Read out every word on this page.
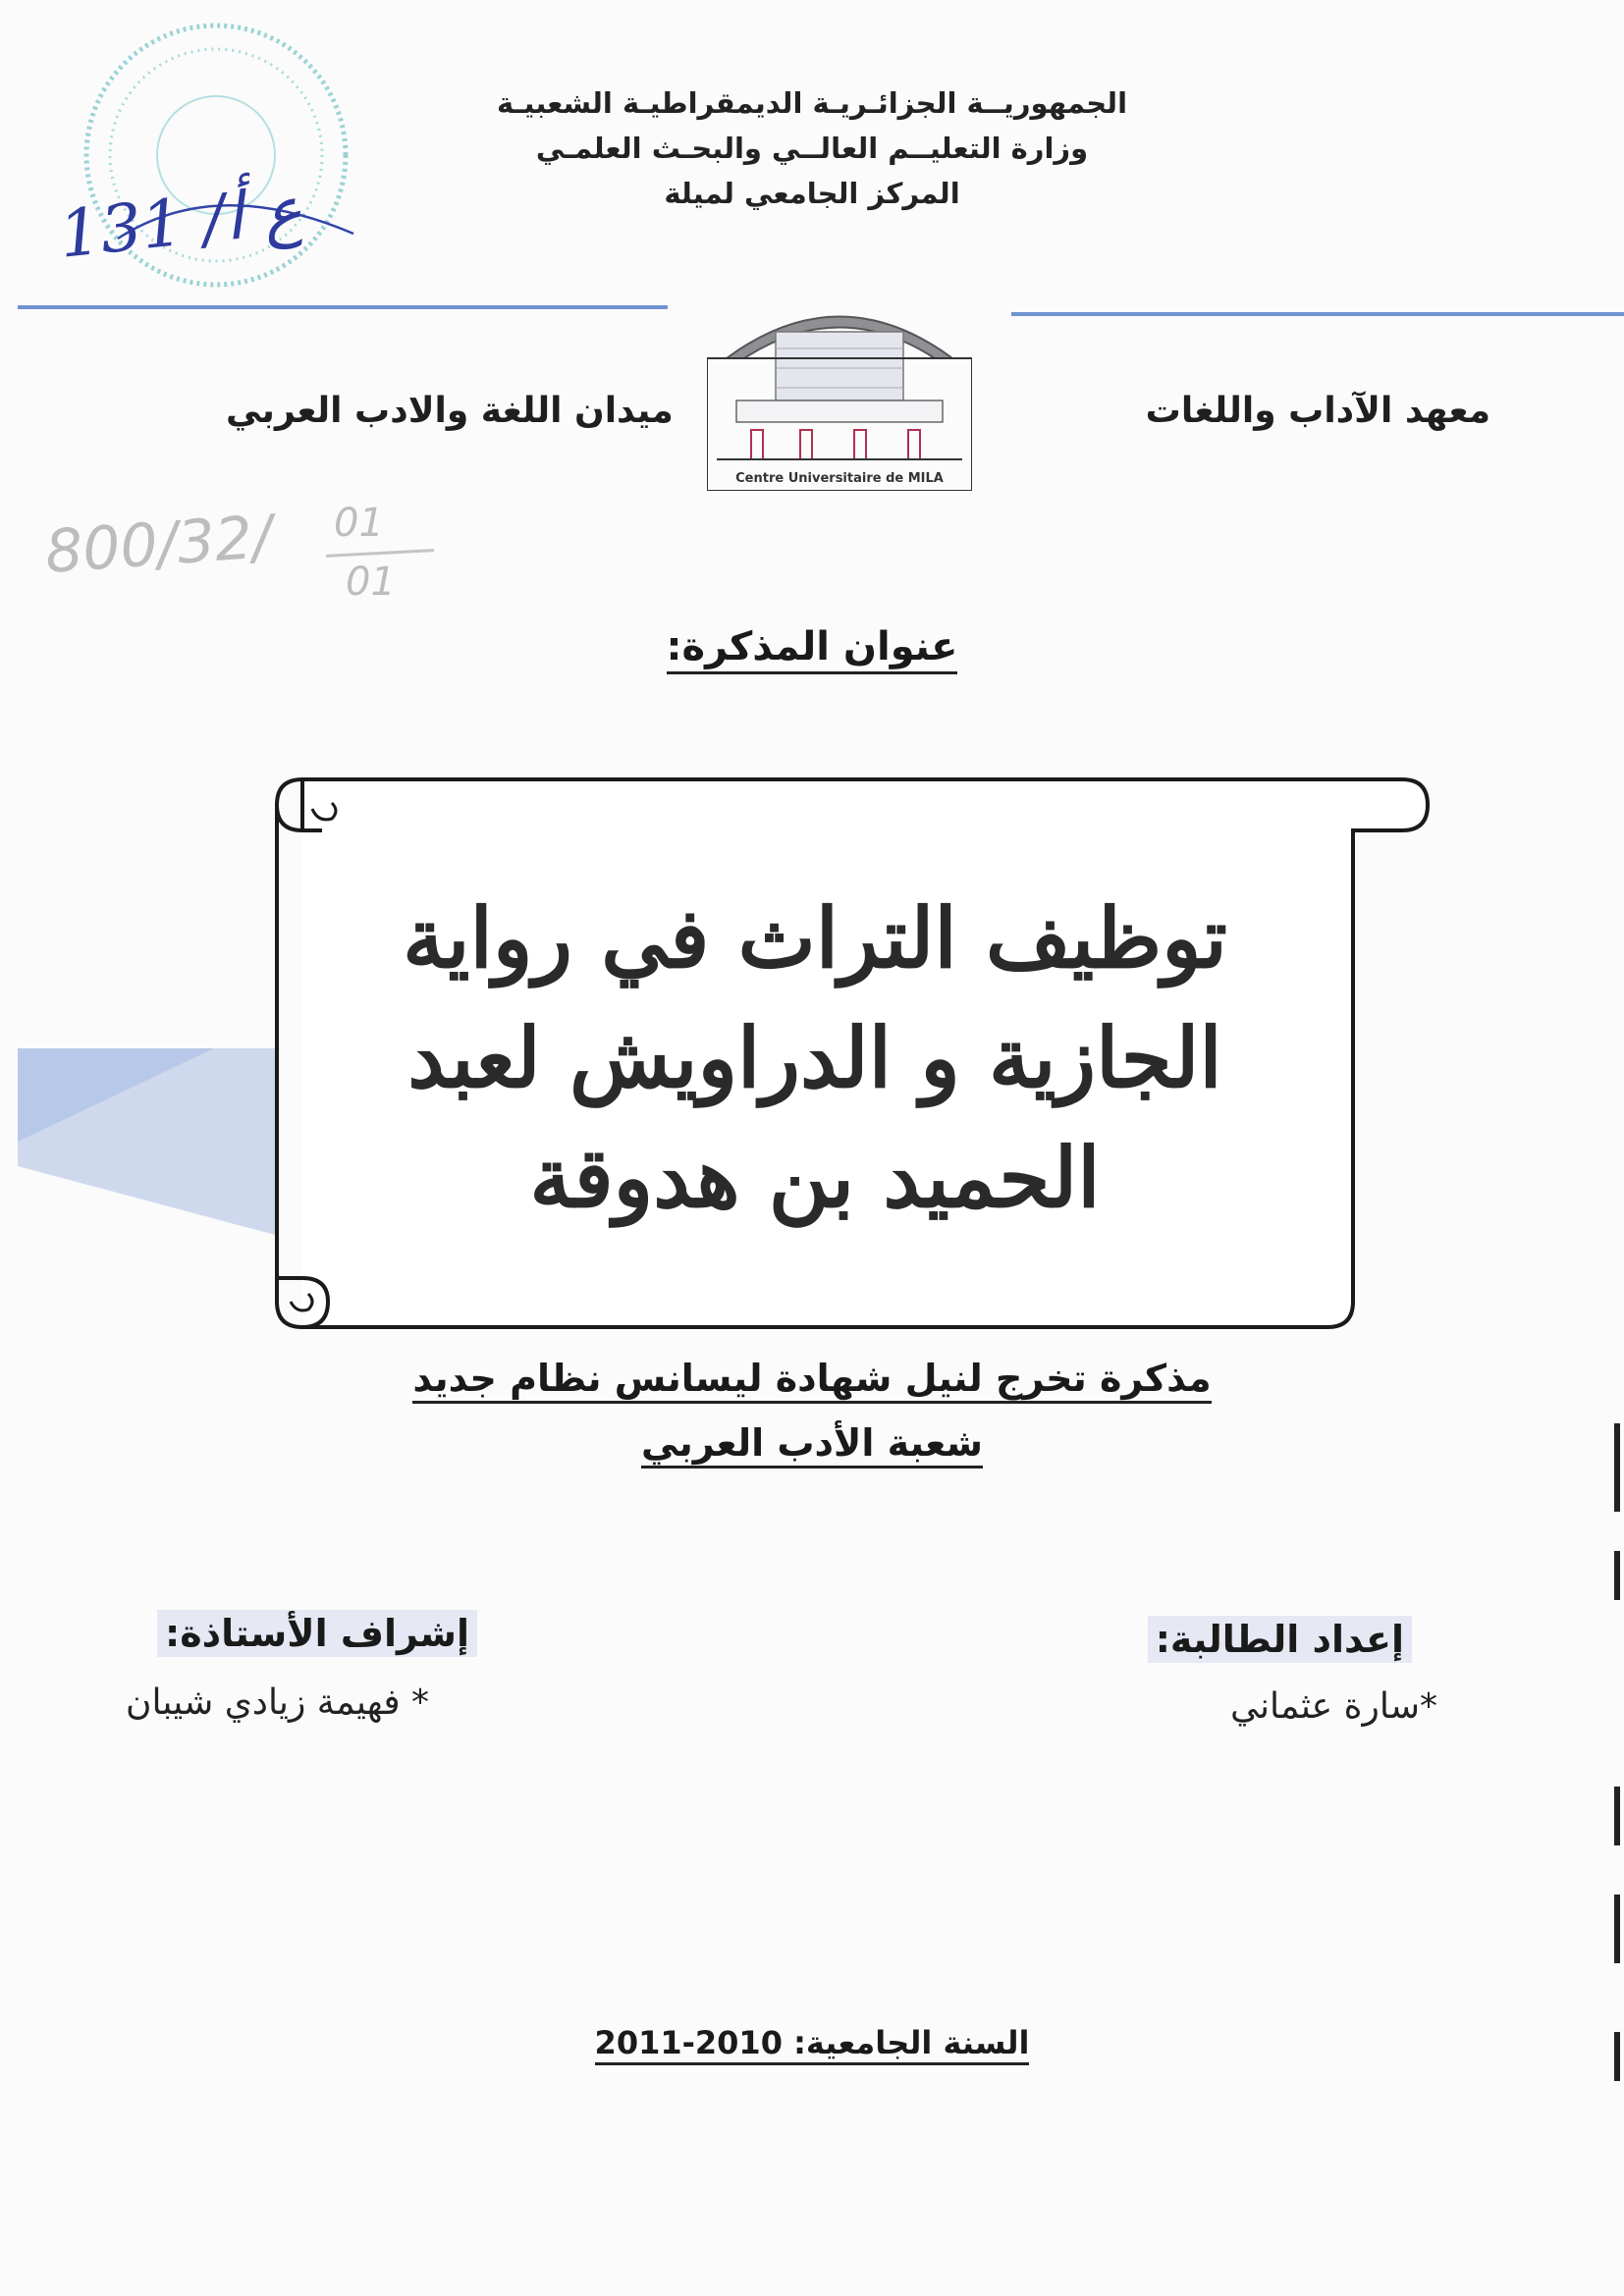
الجمهوريــة الجزائـريـة الديمقراطيـة الشعبيـة
وزارة التعليــم العالــي والبحـث العلمـي
المركز الجامعي لميلة
131 /ع أ
Centre Universitaire de MILA
معهد الآداب واللغات
ميدان اللغة والادب العربي
800/32/ 01
01
عنوان المذكرة:
توظيف التراث في رواية
الجازية و الدراويش لعبد
الحميد بن هدوقة
مذكرة تخرج لنيل شهادة ليسانس نظام جديد
شعبة الأدب العربي
إعداد الطالبة:
*سارة عثماني
إشراف الأستاذة:
* فهيمة زيادي شيبان
السنة الجامعية: 2010-2011
